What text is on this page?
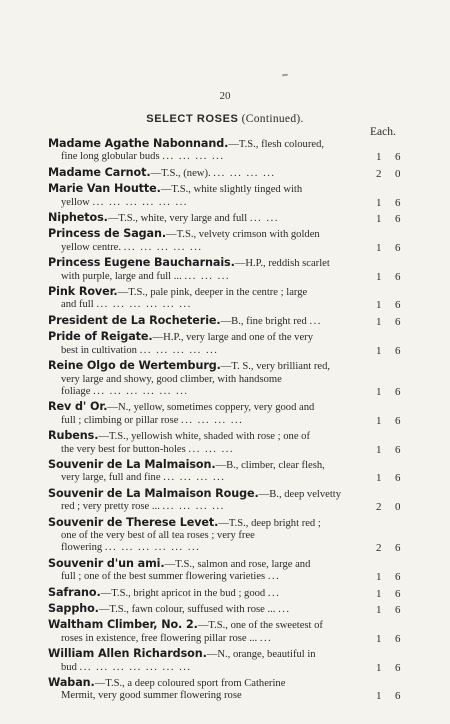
20
SELECT ROSES (Continued).
Each.
Madame Agathe Nabonnand.—T.S., flesh coloured,
fine long globular buds ... ... ... ...	1 6
Madame Carnot.—T.S., (new). ... ... ... ...	2 0
Marie Van Houtte.—T.S., white slightly tinged with
yellow ... ... ... ... ... ...	1 6
Niphetos.—T.S., white, very large and full ... ...	1 6
Princess de Sagan.—T.S., velvety crimson with golden
yellow centre. ... ... ... ... ...	1 6
Princess Eugene Baucharnais.—H.P., reddish scarlet
with purple, large and full ... ... ... ...	1 6
Pink Rover.—T.S., pale pink, deeper in the centre ; large
and full ... ... ... ... ... ...	1 6
President de La Rocheterie.—B., fine bright red ...	1 6
Pride of Reigate.—H.P., very large and one of the very
best in cultivation ... ... ... ... ...	1 6
Reine Olgo de Wertemburg.—T. S., very brilliant red,
very large and showy, good climber, with handsome
foliage ... ... ... ... ... ...	1 6
Rev d' Or.—N., yellow, sometimes coppery, very good and
full ; climbing or pillar rose ... ... ... ...	1 6
Rubens.—T.S., yellowish white, shaded with rose ; one of
the very best for button-holes ... ... ...	1 6
Souvenir de La Malmaison.—B., climber, clear flesh,
very large, full and fine ... ... ... ...	1 6
Souvenir de La Malmaison Rouge.—B., deep velvetty
red ; very pretty rose ... ... ... ... ...	2 0
Souvenir de Therese Levet.—T.S., deep bright red ;
one of the very best of all tea roses ; very free
flowering ... ... ... ... ... ...	2 6
Souvenir d'un ami.—T.S., salmon and rose, large and
full ; one of the best summer flowering varieties ...	1 6
Safrano.—T.S., bright apricot in the bud ; good ...	1 6
Sappho.—T.S., fawn colour, suffused with rose ... ...	1 6
Waltham Climber, No. 2.—T.S., one of the sweetest of
roses in existence, free flowering pillar rose ... ...	1 6
William Allen Richardson.—N., orange, beautiful in
bud ... ... ... ... ... ... ...	1 6
Waban.—T.S., a deep coloured sport from Catherine
Mermit, very good summer flowering rose	1 6
